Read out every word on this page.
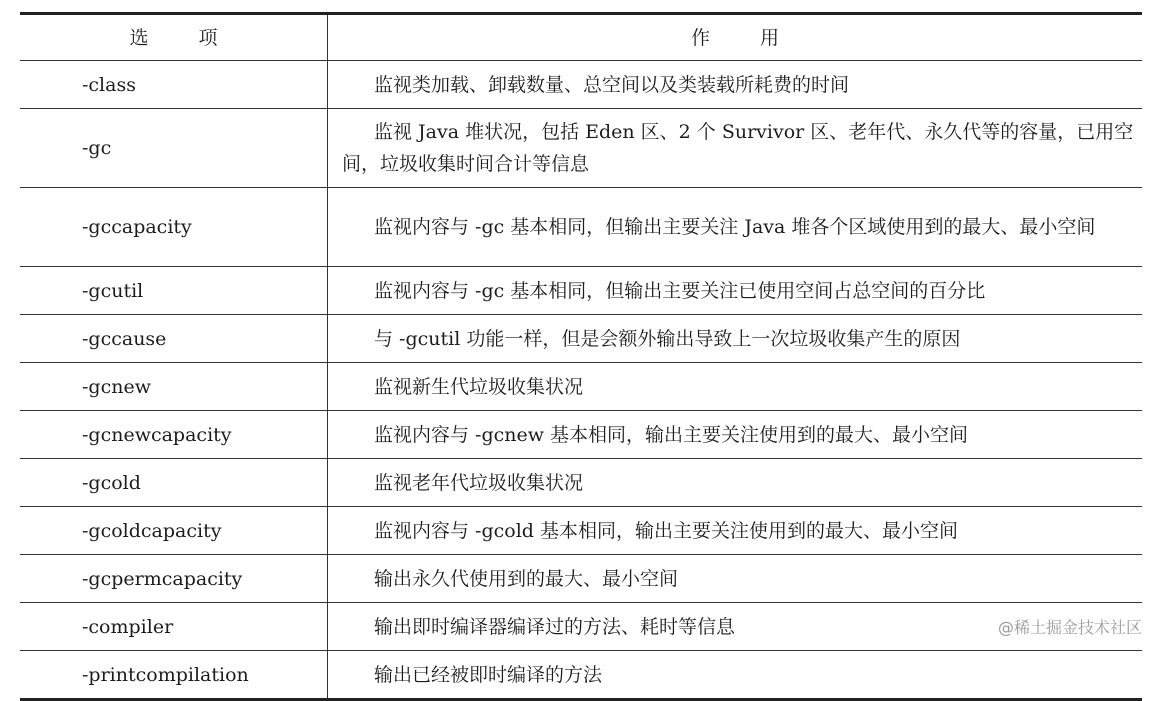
选项	作用
-class	监视类加载、卸载数量、总空间以及类装载所耗费的时间
-gc	监视 Java 堆状况，包括 Eden 区、2 个 Survivor 区、老年代、永久代等的容量，已用空间，垃圾收集时间合计等信息
-gccapacity	监视内容与 -gc 基本相同，但输出主要关注 Java 堆各个区域使用到的最大、最小空间
-gcutil	监视内容与 -gc 基本相同，但输出主要关注已使用空间占总空间的百分比
-gccause	与 -gcutil 功能一样，但是会额外输出导致上一次垃圾收集产生的原因
-gcnew	监视新生代垃圾收集状况
-gcnewcapacity	监视内容与 -gcnew 基本相同，输出主要关注使用到的最大、最小空间
-gcold	监视老年代垃圾收集状况
-gcoldcapacity	监视内容与 -gcold 基本相同，输出主要关注使用到的最大、最小空间
-gcpermcapacity	输出永久代使用到的最大、最小空间
-compiler	输出即时编译器编译过的方法、耗时等信息
-printcompilation	输出已经被即时编译的方法
@稀土掘金技术社区
